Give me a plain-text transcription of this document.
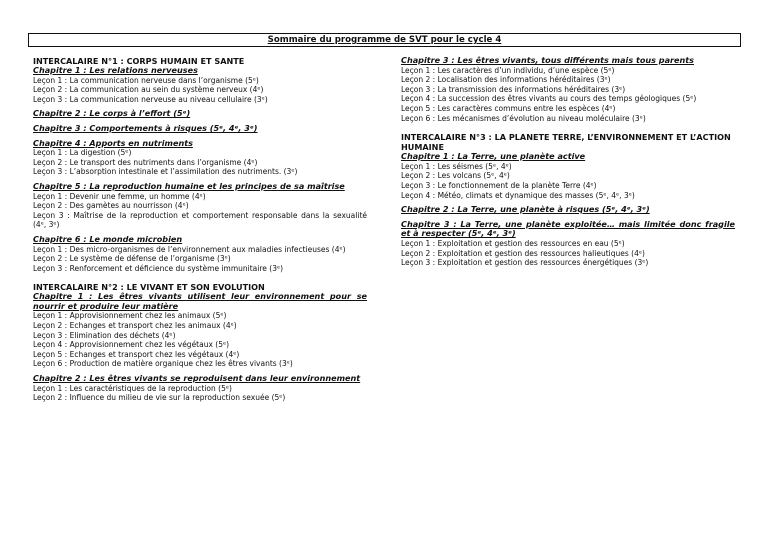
Sommaire du programme de SVT pour le cycle 4
INTERCALAIRE N°1 : CORPS HUMAIN ET SANTE
Chapitre 1 : Les relations nerveuses
Leçon 1 : La communication nerveuse dans l’organisme (5ᵉ)
Leçon 2 : La communication au sein du système nerveux (4ᵉ)
Leçon 3 : La communication nerveuse au niveau cellulaire (3ᵉ)
Chapitre 2 : Le corps à l’effort (5ᵉ)
Chapitre 3 : Comportements à risques (5ᵉ, 4ᵉ, 3ᵉ)
Chapitre 4 : Apports en nutriments
Leçon 1 : La digestion (5ᵉ)
Leçon 2 : Le transport des nutriments dans l’organisme (4ᵉ)
Leçon 3 : L’absorption intestinale et l’assimilation des nutriments. (3ᵉ)
Chapitre 5 : La reproduction humaine et les principes de sa maîtrise
Leçon 1 : Devenir une femme, un homme (4ᵉ)
Leçon 2 : Des gamètes au nourrisson (4ᵉ)
Leçon 3 : Maîtrise de la reproduction et comportement responsable dans la sexualité (4ᵉ, 3ᵉ)
Chapitre 6 : Le monde microbien
Leçon 1 : Des micro-organismes de l’environnement aux maladies infectieuses (4ᵉ)
Leçon 2 : Le système de défense de l’organisme (3ᵉ)
Leçon 3 : Renforcement et déficience du système immunitaire (3ᵉ)
INTERCALAIRE N°2 : LE VIVANT ET SON EVOLUTION
Chapitre 1 : Les êtres vivants utilisent leur environnement pour se nourrir et produire leur matière
Leçon 1 : Approvisionnement chez les animaux (5ᵉ)
Leçon 2 : Echanges et transport chez les animaux (4ᵉ)
Leçon 3 : Elimination des déchets (4ᵉ)
Leçon 4 : Approvisionnement chez les végétaux (5ᵉ)
Leçon 5 : Echanges et transport chez les végétaux (4ᵉ)
Leçon 6 : Production de matière organique chez les êtres vivants (3ᵉ)
Chapitre 2 : Les êtres vivants se reproduisent dans leur environnement
Leçon 1 : Les caractéristiques de la reproduction (5ᵉ)
Leçon 2 : Influence du milieu de vie sur la reproduction sexuée (5ᵉ)
Chapitre 3 : Les êtres vivants, tous différents mais tous parents
Leçon 1 : Les caractères d’un individu, d’une espèce (5ᵉ)
Leçon 2 : Localisation des informations héréditaires (3ᵉ)
Leçon 3 : La transmission des informations héréditaires (3ᵉ)
Leçon 4 : La succession des êtres vivants au cours des temps géologiques (5ᵉ)
Leçon 5 : Les caractères communs entre les espèces (4ᵉ)
Leçon 6 : Les mécanismes d’évolution au niveau moléculaire (3ᵉ)
INTERCALAIRE N°3 : LA PLANETE TERRE, L’ENVIRONNEMENT ET L’ACTION HUMAINE
Chapitre 1 : La Terre, une planète active
Leçon 1 : Les séismes (5ᵉ, 4ᵉ)
Leçon 2 : Les volcans (5ᵉ, 4ᵉ)
Leçon 3 : Le fonctionnement de la planète Terre (4ᵉ)
Leçon 4 : Météo, climats et dynamique des masses (5ᵉ, 4ᵉ, 3ᵉ)
Chapitre 2 : La Terre, une planète à risques (5ᵉ, 4ᵉ, 3ᵉ)
Chapitre 3 : La Terre, une planète exploitée… mais limitée donc fragile et à respecter (5ᵉ, 4ᵉ, 3ᵉ)
Leçon 1 : Exploitation et gestion des ressources en eau (5ᵉ)
Leçon 2 : Exploitation et gestion des ressources halieutiques (4ᵉ)
Leçon 3 : Exploitation et gestion des ressources énergétiques (3ᵉ)
